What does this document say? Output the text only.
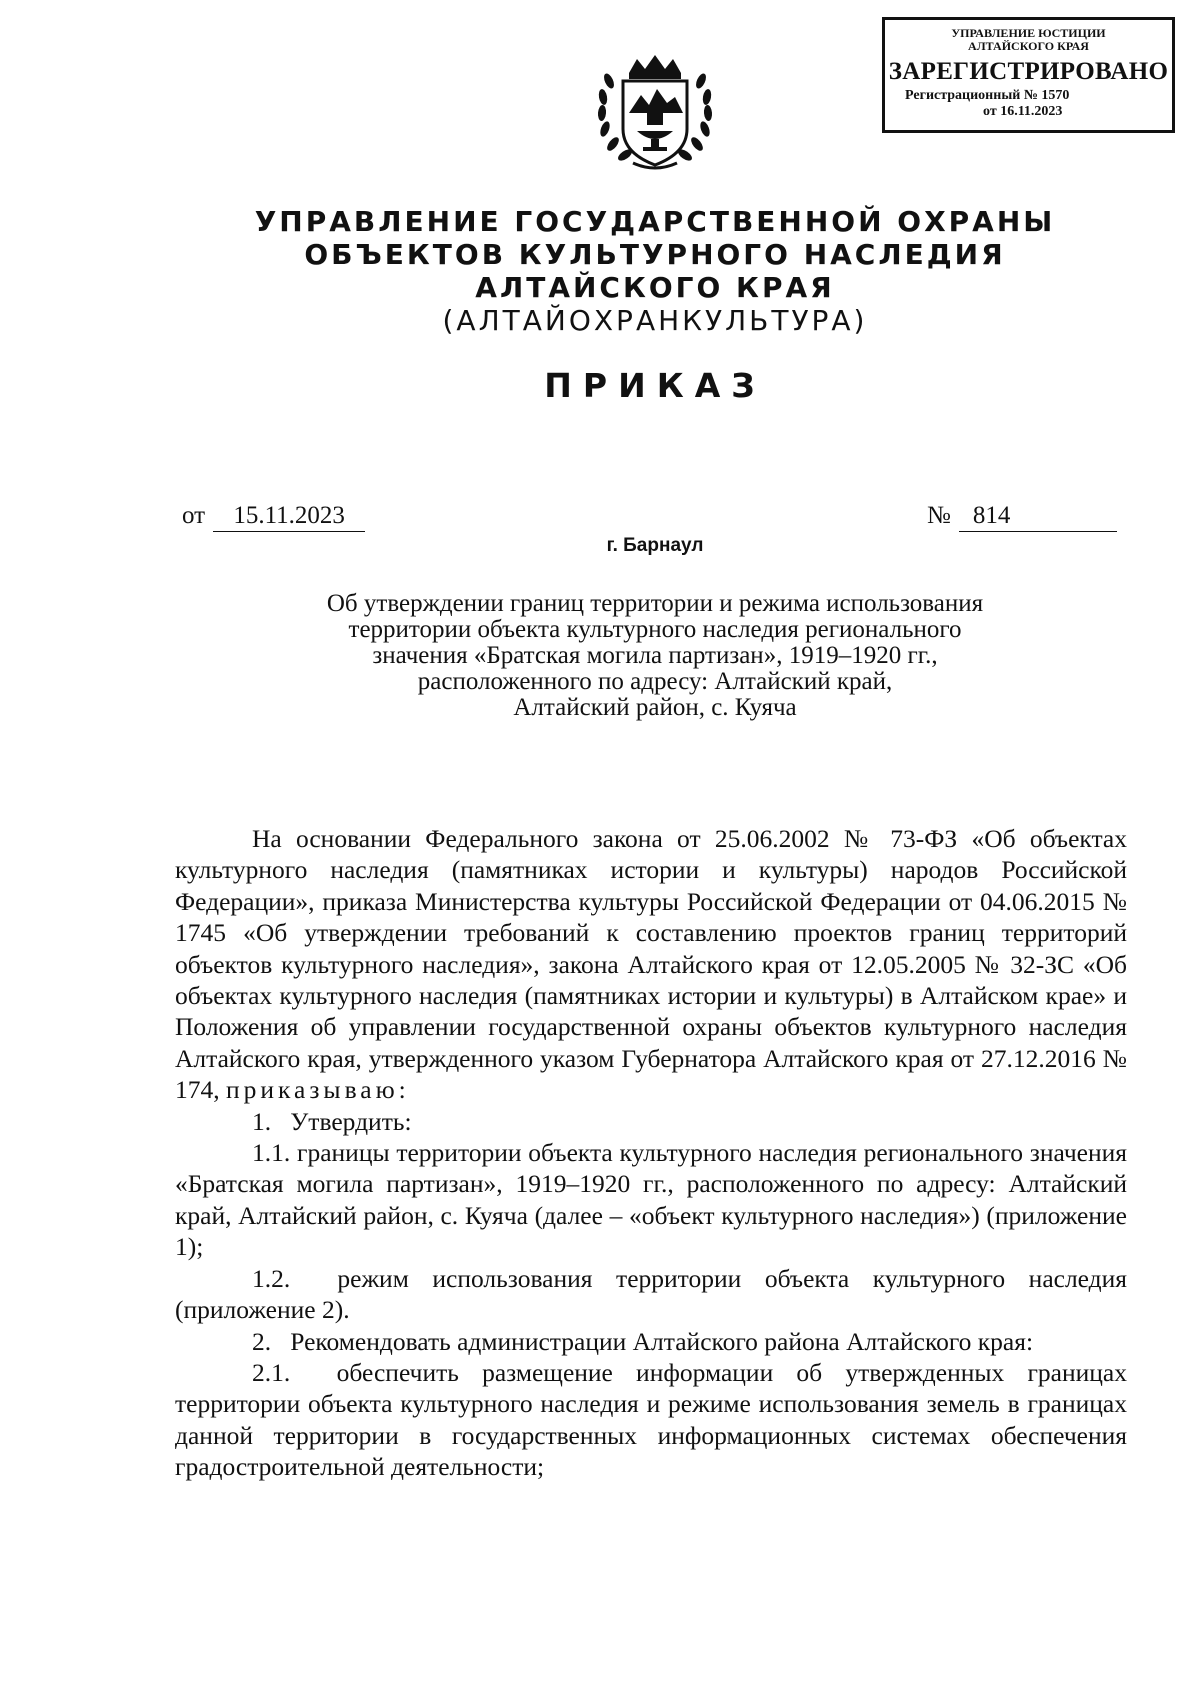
УПРАВЛЕНИЕ ЮСТИЦИИ
АЛТАЙСКОГО КРАЯ
ЗАРЕГИСТРИРОВАНО
Регистрационный № 1570
от 16.11.2023
УПРАВЛЕНИЕ ГОСУДАРСТВЕННОЙ ОХРАНЫ
ОБЪЕКТОВ КУЛЬТУРНОГО НАСЛЕДИЯ
АЛТАЙСКОГО КРАЯ
(АЛТАЙОХРАНКУЛЬТУРА)
ПРИКАЗ
от 15.11.2023	№ 814
г. Барнаул
Об утверждении границ территории и режима использования
территории объекта культурного наследия регионального
значения «Братская могила партизан», 1919–1920 гг.,
расположенного по адресу: Алтайский край,
Алтайский район, с. Куяча

На основании Федерального закона от 25.06.2002 № 73-ФЗ «Об объектах культурного наследия (памятниках истории и культуры) народов Российской Федерации», приказа Министерства культуры Российской Федерации от 04.06.2015 № 1745 «Об утверждении требований к составлению проектов границ территорий объектов культурного наследия», закона Алтайского края от 12.05.2005 № 32-ЗС «Об объектах культурного наследия (памятниках истории и культуры) в Алтайском крае» и Положения об управлении государственной охраны объектов культурного наследия Алтайского края, утвержденного указом Губернатора Алтайского края от 27.12.2016 № 174, приказываю:

1. Утвердить:

1.1. границы территории объекта культурного наследия регионального значения «Братская могила партизан», 1919–1920 гг., расположенного по адресу: Алтайский край, Алтайский район, с. Куяча (далее – «объект культурного наследия») (приложение 1);

1.2. режим использования территории объекта культурного наследия (приложение 2).

2. Рекомендовать администрации Алтайского района Алтайского края:

2.1. обеспечить размещение информации об утвержденных границах территории объекта культурного наследия и режиме использования земель в границах данной территории в государственных информационных системах обеспечения градостроительной деятельности;
